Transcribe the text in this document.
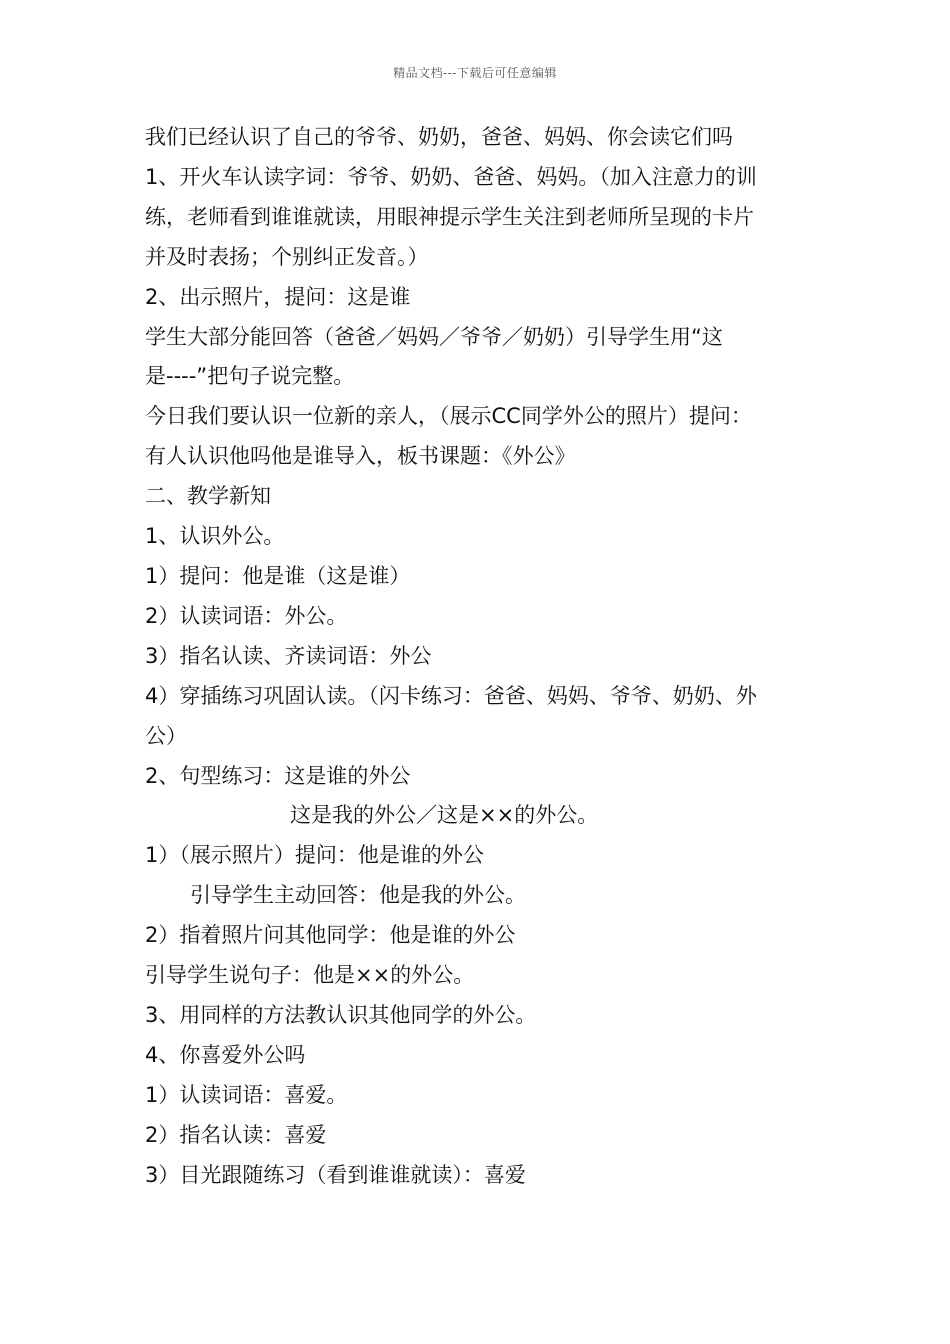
精品文档---下载后可任意编辑
我们已经认识了自己的爷爷、奶奶，爸爸、妈妈、你会读它们吗
1、开火车认读字词：爷爷、奶奶、爸爸、妈妈。（加入注意力的训
练，老师看到谁谁就读，用眼神提示学生关注到老师所呈现的卡片
并及时表扬；个别纠正发音。）
2、出示照片，提问：这是谁
学生大部分能回答（爸爸／妈妈／爷爷／奶奶）引导学生用“这
是----”把句子说完整。
今日我们要认识一位新的亲人，（展示CC同学外公的照片）提问：
有人认识他吗他是谁导入，板书课题：《外公》
二、教学新知
1、认识外公。
1）提问：他是谁（这是谁）
2）认读词语：外公。
3）指名认读、齐读词语：外公
4）穿插练习巩固认读。（闪卡练习：爸爸、妈妈、爷爷、奶奶、外
公）
2、句型练习：这是谁的外公
这是我的外公／这是××的外公。
1）（展示照片）提问：他是谁的外公
引导学生主动回答：他是我的外公。
2）指着照片问其他同学：他是谁的外公
引导学生说句子：他是××的外公。
3、用同样的方法教认识其他同学的外公。
4、你喜爱外公吗
1）认读词语：喜爱。
2）指名认读：喜爱
3）目光跟随练习（看到谁谁就读）：喜爱
